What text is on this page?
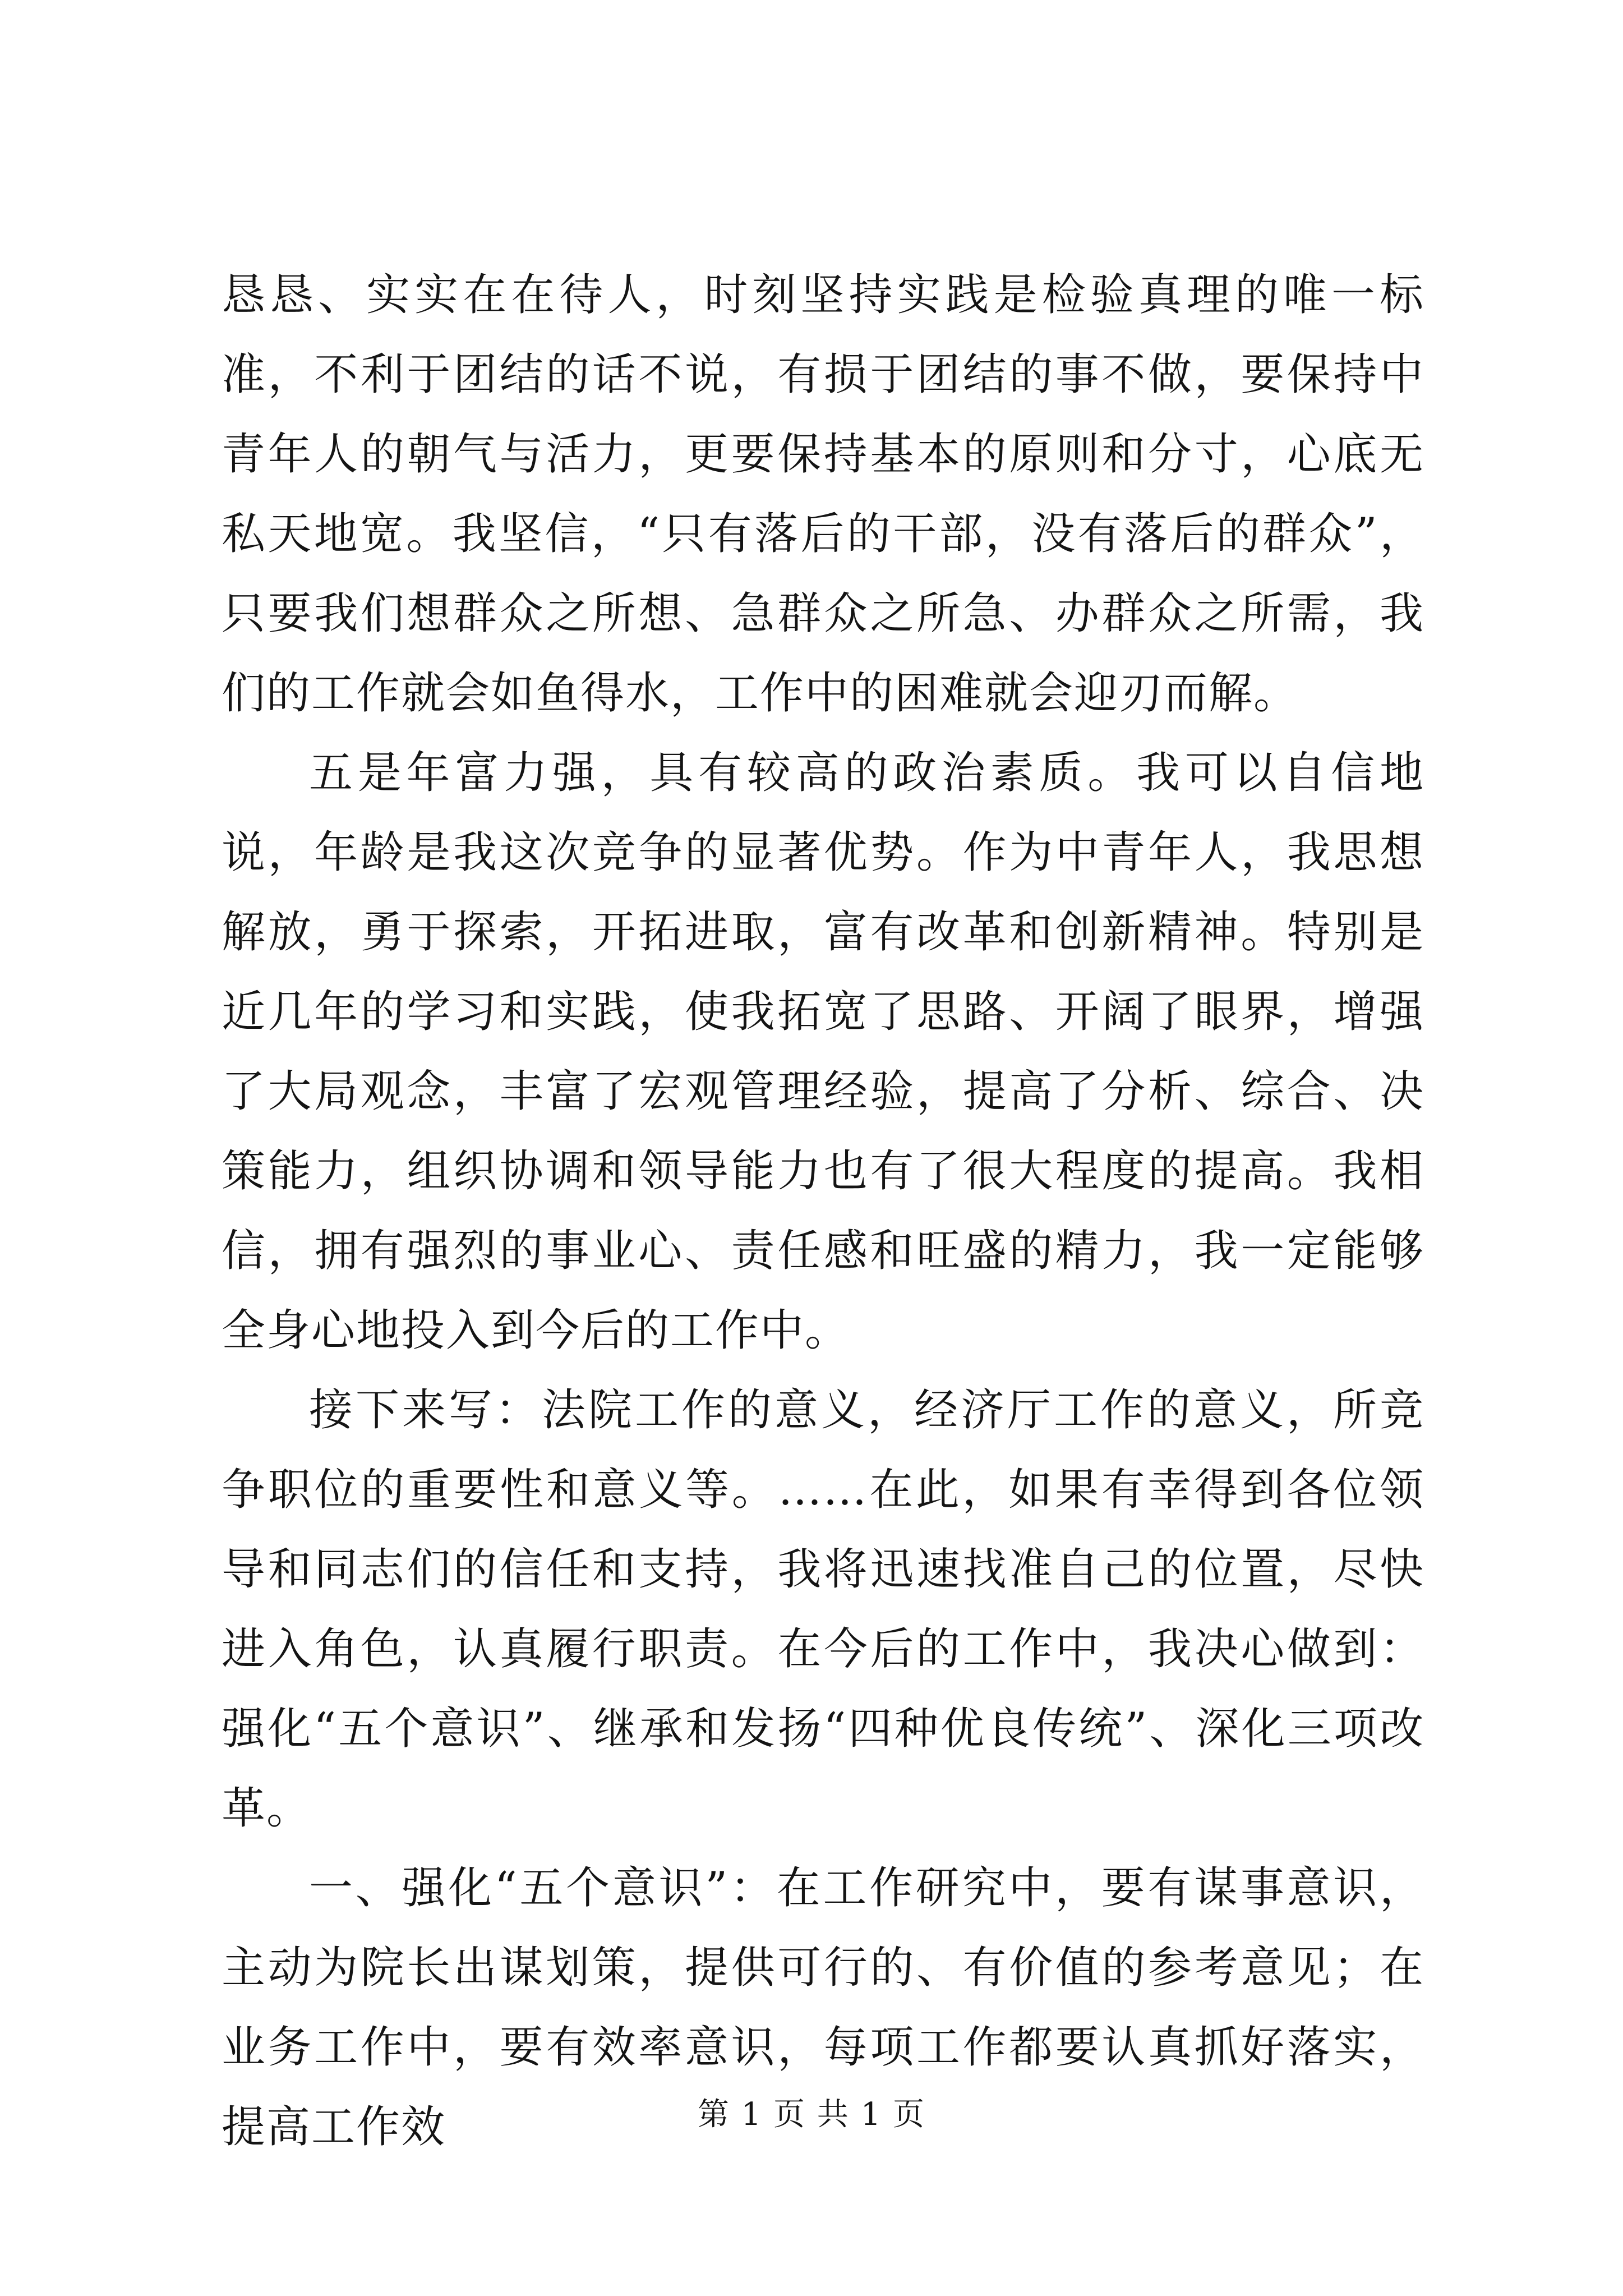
恳恳、实实在在待人，时刻坚持实践是检验真理的唯一标准，不利于团结的话不说，有损于团结的事不做，要保持中青年人的朝气与活力，更要保持基本的原则和分寸，心底无私天地宽。我坚信，“只有落后的干部，没有落后的群众”，只要我们想群众之所想、急群众之所急、办群众之所需，我们的工作就会如鱼得水，工作中的困难就会迎刃而解。

五是年富力强，具有较高的政治素质。我可以自信地说，年龄是我这次竞争的显著优势。作为中青年人，我思想解放，勇于探索，开拓进取，富有改革和创新精神。特别是近几年的学习和实践，使我拓宽了思路、开阔了眼界，增强了大局观念，丰富了宏观管理经验，提高了分析、综合、决策能力，组织协调和领导能力也有了很大程度的提高。我相信，拥有强烈的事业心、责任感和旺盛的精力，我一定能够全身心地投入到今后的工作中。

接下来写：法院工作的意义，经济厅工作的意义，所竞争职位的重要性和意义等。……在此，如果有幸得到各位领导和同志们的信任和支持，我将迅速找准自己的位置，尽快进入角色，认真履行职责。在今后的工作中，我决心做到：强化“五个意识”、继承和发扬“四种优良传统”、深化三项改革。

一、强化“五个意识”：在工作研究中，要有谋事意识，主动为院长出谋划策，提供可行的、有价值的参考意见；在业务工作中，要有效率意识，每项工作都要认真抓好落实，提高工作效	第 1 页 共 1 页
